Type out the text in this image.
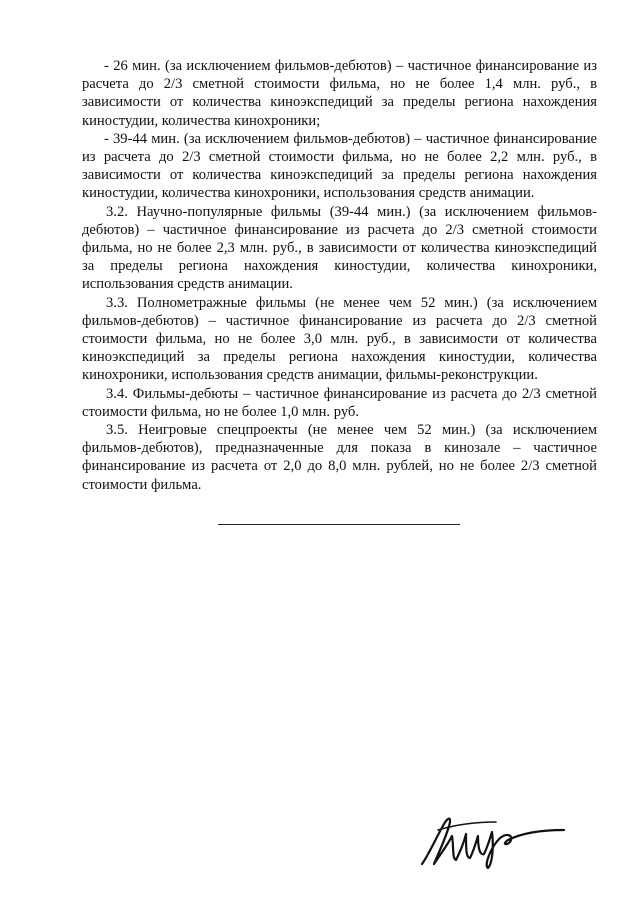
- 26 мин. (за исключением фильмов-дебютов) – частичное финансирование из расчета до 2/3 сметной стоимости фильма, но не более 1,4 млн. руб., в зависимости от количества киноэкспедиций за пределы региона нахождения киностудии, количества кинохроники;

- 39-44 мин. (за исключением фильмов-дебютов) – частичное финансирование из расчета до 2/3 сметной стоимости фильма, но не более 2,2 млн. руб., в зависимости от количества киноэкспедиций за пределы региона нахождения киностудии, количества кинохроники, использования средств анимации.

3.2. Научно-популярные фильмы (39-44 мин.) (за исключением фильмов-дебютов) – частичное финансирование из расчета до 2/3 сметной стоимости фильма, но не более 2,3 млн. руб., в зависимости от количества киноэкспедиций за пределы региона нахождения киностудии, количества кинохроники, использования средств анимации.

3.3. Полнометражные фильмы (не менее чем 52 мин.) (за исключением фильмов-дебютов) – частичное финансирование из расчета до 2/3 сметной стоимости фильма, но не более 3,0 млн. руб., в зависимости от количества киноэкспедиций за пределы региона нахождения киностудии, количества кинохроники, использования средств анимации, фильмы-реконструкции.

3.4. Фильмы-дебюты – частичное финансирование из расчета до 2/3 сметной стоимости фильма, но не более 1,0 млн. руб.

3.5. Неигровые спецпроекты (не менее чем 52 мин.) (за исключением фильмов-дебютов), предназначенные для показа в кинозале – частичное финансирование из расчета от 2,0 до 8,0 млн. рублей, но не более 2/3 сметной стоимости фильма.
